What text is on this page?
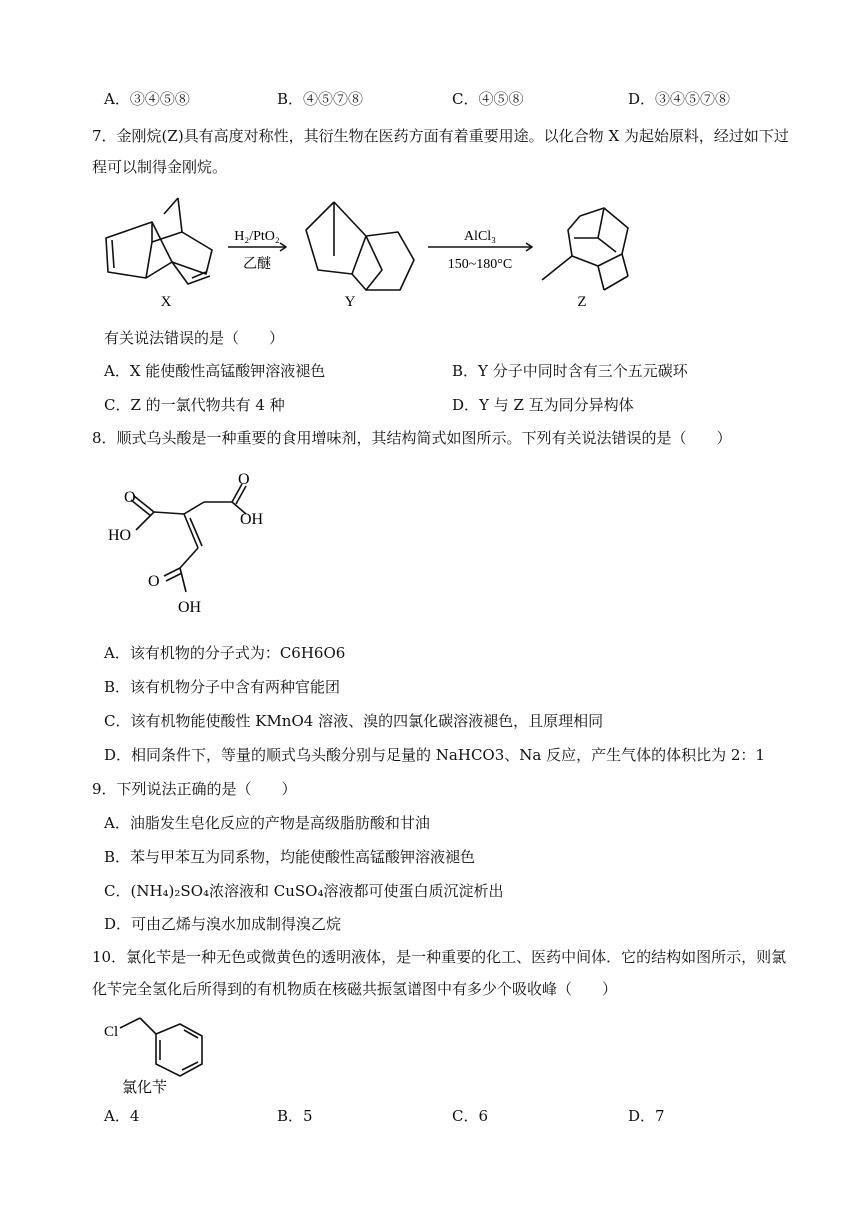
A．③④⑤⑧	B．④⑤⑦⑧	C．④⑤⑧	D．③④⑤⑦⑧
7．金刚烷(Z)具有高度对称性，其衍生物在医药方面有着重要用途。以化合物 X 为起始原料，经过如下过
程可以制得金刚烷。
H₂/PtO₂
乙醚
AlCl₃
150~180°C
X	Y	Z
有关说法错误的是（　　）
A．X 能使酸性高锰酸钾溶液褪色	B．Y 分子中同时含有三个五元碳环
C．Z 的一氯代物共有 4 种	D．Y 与 Z 互为同分异构体
8．顺式乌头酸是一种重要的食用增味剂，其结构简式如图所示。下列有关说法错误的是（　　）
O
O
OH
HO
O
OH
A．该有机物的分子式为：C6H6O6
B．该有机物分子中含有两种官能团
C．该有机物能使酸性 KMnO4 溶液、溴的四氯化碳溶液褪色，且原理相同
D．相同条件下，等量的顺式乌头酸分别与足量的 NaHCO3、Na 反应，产生气体的体积比为 2：1
9．下列说法正确的是（　　）
A．油脂发生皂化反应的产物是高级脂肪酸和甘油
B．苯与甲苯互为同系物，均能使酸性高锰酸钾溶液褪色
C．(NH₄)₂SO₄浓溶液和 CuSO₄溶液都可使蛋白质沉淀析出
D．可由乙烯与溴水加成制得溴乙烷
10．氯化苄是一种无色或微黄色的透明液体，是一种重要的化工、医药中间体．它的结构如图所示，则氯
化苄完全氢化后所得到的有机物质在核磁共振氢谱图中有多少个吸收峰（　　）
Cl
氯化苄
A．4	B．5	C．6	D．7
